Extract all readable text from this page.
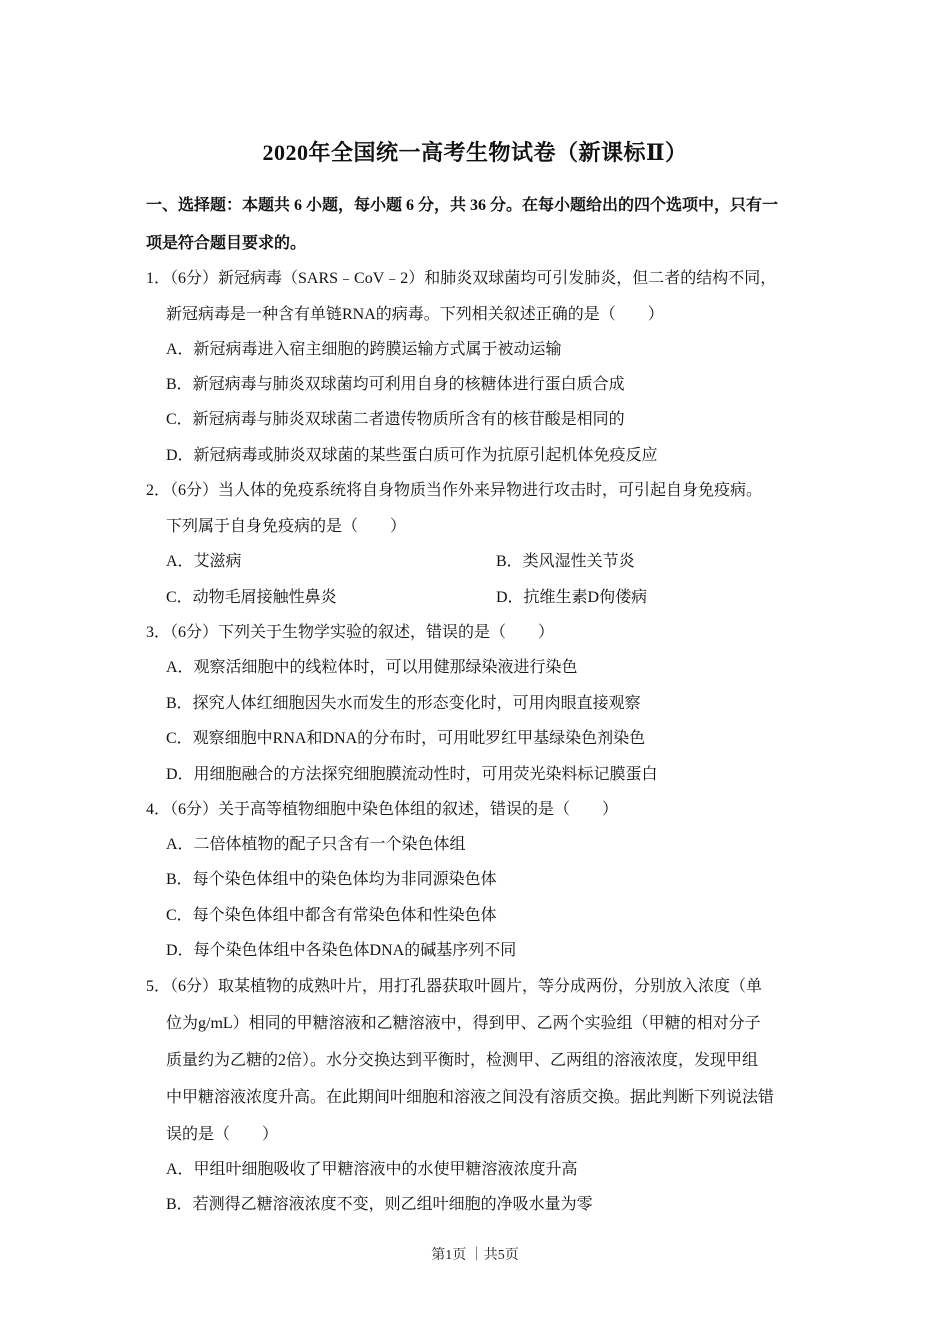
2020年全国统一高考生物试卷（新课标Ⅱ）
一、选择题：本题共 6 小题，每小题 6 分，共 36 分。在每小题给出的四个选项中，只有一
项是符合题目要求的。
1．（6分）新冠病毒（SARS﹣CoV﹣2）和肺炎双球菌均可引发肺炎，但二者的结构不同，
新冠病毒是一种含有单链RNA的病毒。下列相关叙述正确的是（　　）
A．新冠病毒进入宿主细胞的跨膜运输方式属于被动运输
B．新冠病毒与肺炎双球菌均可利用自身的核糖体进行蛋白质合成
C．新冠病毒与肺炎双球菌二者遗传物质所含有的核苷酸是相同的
D．新冠病毒或肺炎双球菌的某些蛋白质可作为抗原引起机体免疫反应
2．（6分）当人体的免疫系统将自身物质当作外来异物进行攻击时，可引起自身免疫病。
下列属于自身免疫病的是（　　）
A．艾滋病	B．类风湿性关节炎
C．动物毛屑接触性鼻炎	D．抗维生素D佝偻病
3．（6分）下列关于生物学实验的叙述，错误的是（　　）
A．观察活细胞中的线粒体时，可以用健那绿染液进行染色
B．探究人体红细胞因失水而发生的形态变化时，可用肉眼直接观察
C．观察细胞中RNA和DNA的分布时，可用吡罗红甲基绿染色剂染色
D．用细胞融合的方法探究细胞膜流动性时，可用荧光染料标记膜蛋白
4．（6分）关于高等植物细胞中染色体组的叙述，错误的是（　　）
A．二倍体植物的配子只含有一个染色体组
B．每个染色体组中的染色体均为非同源染色体
C．每个染色体组中都含有常染色体和性染色体
D．每个染色体组中各染色体DNA的碱基序列不同
5．（6分）取某植物的成熟叶片，用打孔器获取叶圆片，等分成两份，分别放入浓度（单
位为g/mL）相同的甲糖溶液和乙糖溶液中，得到甲、乙两个实验组（甲糖的相对分子
质量约为乙糖的2倍）。水分交换达到平衡时，检测甲、乙两组的溶液浓度，发现甲组
中甲糖溶液浓度升高。在此期间叶细胞和溶液之间没有溶质交换。据此判断下列说法错
误的是（　　）
A．甲组叶细胞吸收了甲糖溶液中的水使甲糖溶液浓度升高
B．若测得乙糖溶液浓度不变，则乙组叶细胞的净吸水量为零
第1页 ｜共5页
